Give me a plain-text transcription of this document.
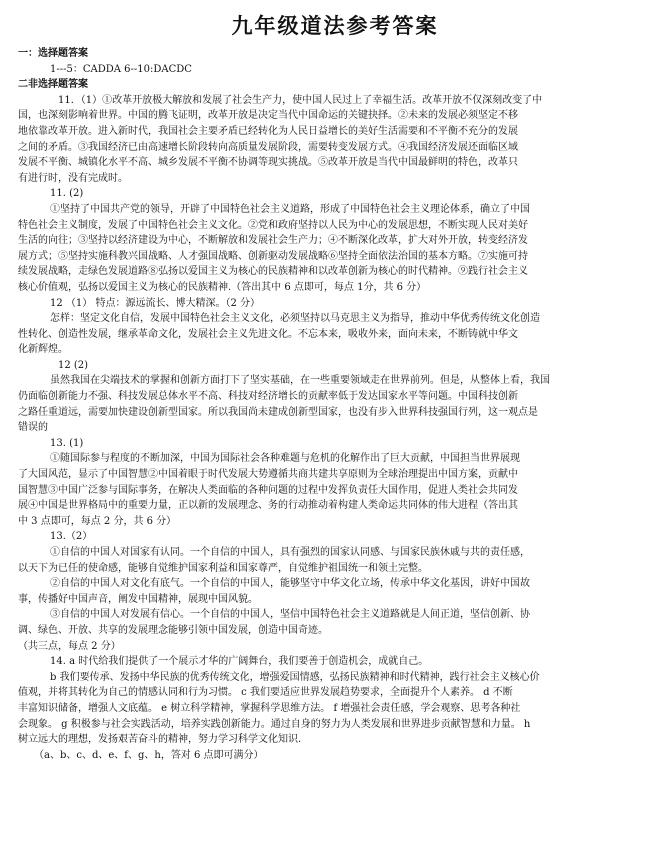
九年级道法参考答案
一：选择题答案
1---5：CADDA 6--10:DACDC
二非选择题答案
11．（1）①改革开放极大解放和发展了社会生产力，使中国人民过上了幸福生活。改革开放不仅深刻改变了中
国，也深刻影响着世界。中国的腾飞证明，改革开放是决定当代中国命运的关键抉择。②未来的发展必须坚定不移
地依靠改革开放。进入新时代，我国社会主要矛盾已经转化为人民日益增长的美好生活需要和不平衡不充分的发展
之间的矛盾。③我国经济已由高速增长阶段转向高质量发展阶段，需要转变发展方式。④我国经济发展还面临区域
发展不平衡、城镇化水平不高、城乡发展不平衡不协调等现实挑战。⑤改革开放是当代中国最鲜明的特色，改革只
有进行时，没有完成时。
11. (2)
①坚持了中国共产党的领导，开辟了中国特色社会主义道路，形成了中国特色社会主义理论体系，确立了中国
特色社会主义制度，发展了中国特色社会主义文化。②党和政府坚持以人民为中心的发展思想，不断实现人民对美好
生活的向往；③坚持以经济建设为中心，不断解放和发展社会生产力；④不断深化改革，扩大对外开放，转变经济发
展方式；⑤坚持实施科教兴国战略、人才强国战略、创新驱动发展战略⑥坚持全面依法治国的基本方略。⑦实施可持
续发展战略，走绿色发展道路⑧弘扬以爱国主义为核心的民族精神和以改革创新为核心的时代精神。⑨践行社会主义
核心价值观，弘扬以爱国主义为核心的民族精神.（答出其中 6 点即可，每点 1分，共 6 分）
12 （1） 特点：源远流长、博大精深。（2 分）
怎样：坚定文化自信，发展中国特色社会主义文化，必须坚持以马克思主义为指导，推动中华优秀传统文化创造
性转化、创造性发展，继承革命文化，发展社会主义先进文化。不忘本来，吸收外来，面向未来，不断铸就中华文
化新辉煌。
12 (2)
虽然我国在尖端技术的掌握和创新方面打下了坚实基础，在一些重要领域走在世界前列。但是，从整体上看，我国
仍面临创新能力不强、科技发展总体水平不高、科技对经济增长的贡献率低于发达国家水平等问题。中国科技创新
之路任重道远，需要加快建设创新型国家。所以我国尚未建成创新型国家，也没有步入世界科技强国行列，这一观点是
错误的
13. (1)
①随国际参与程度的不断加深，中国为国际社会各种难题与危机的化解作出了巨大贡献，中国担当世界展现
了大国风范，显示了中国智慧②中国着眼于时代发展大势遵循共商共建共享原则为全球治理提出中国方案，贡献中
国智慧③中国广泛参与国际事务，在解决人类面临的各种问题的过程中发挥负责任大国作用，促进人类社会共同发
展④中国是世界格局中的重要力量，正以新的发展理念、务的行动推动着构建人类命运共同体的伟大进程（答出其
中 3 点即可，每点 2 分，共 6 分）
13.（2）
①自信的中国人对国家有认同。一个自信的中国人，具有强烈的国家认同感、与国家民族休戚与共的责任感，
以天下为已任的使命感，能够自觉维护国家利益和国家尊严，自觉维护祖国统一和领土完整。
②自信的中国人对文化有底气。一个自信的中国人，能够坚守中华文化立场，传承中华文化基因，讲好中国故
事，传播好中国声音，阐发中国精神，展现中国风貌。
③自信的中国人对发展有信心。一个自信的中国人，坚信中国特色社会主义道路就是人间正道，坚信创新、协
调、绿色、开放、共享的发展理念能够引领中国发展，创造中国奇迹。
（共三点，每点 2 分）
14. a 时代给我们提供了一个展示才华的广阔舞台，我们要善于创造机会，成就自己。
b 我们要传承、发扬中华民族的优秀传统文化，增强爱国情感，弘扬民族精神和时代精神，践行社会主义核心价
值观，并将其转化为自己的情感认同和行为习惯。 c 我们要适应世界发展趋势要求，全面提升个人素养。 d 不断
丰富知识储备，增强人文底蕴。 e 树立科学精神，掌握科学思维方法。 f 增强社会责任感，学会观察、思考各种社
会现象。 g 积极参与社会实践活动，培养实践创新能力。通过自身的努力为人类发展和世界进步贡献智慧和力量。 h
树立远大的理想，发扬艰苦奋斗的精神，努力学习科学文化知识.
（a、b、c、d、e、f、g、h，答对 6 点即可满分）
